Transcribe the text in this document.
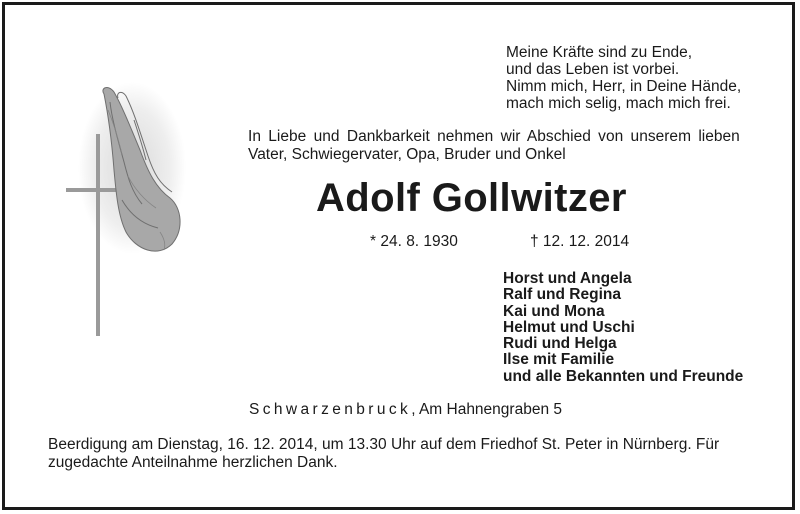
Meine Kräfte sind zu Ende,
und das Leben ist vorbei.
Nimm mich, Herr, in Deine Hände,
mach mich selig, mach mich frei.
In Liebe und Dankbarkeit nehmen wir Abschied von unserem lieben
Vater, Schwiegervater, Opa, Bruder und Onkel
Adolf Gollwitzer
* 24. 8. 1930	† 12. 12. 2014
Horst und Angela
Ralf und Regina
Kai und Mona
Helmut und Uschi
Rudi und Helga
Ilse mit Familie
und alle Bekannten und Freunde
Schwarzenbruck, Am Hahnengraben 5
Beerdigung am Dienstag, 16. 12. 2014, um 13.30 Uhr auf dem Friedhof St. Peter in Nürnberg. Für
zugedachte Anteilnahme herzlichen Dank.
